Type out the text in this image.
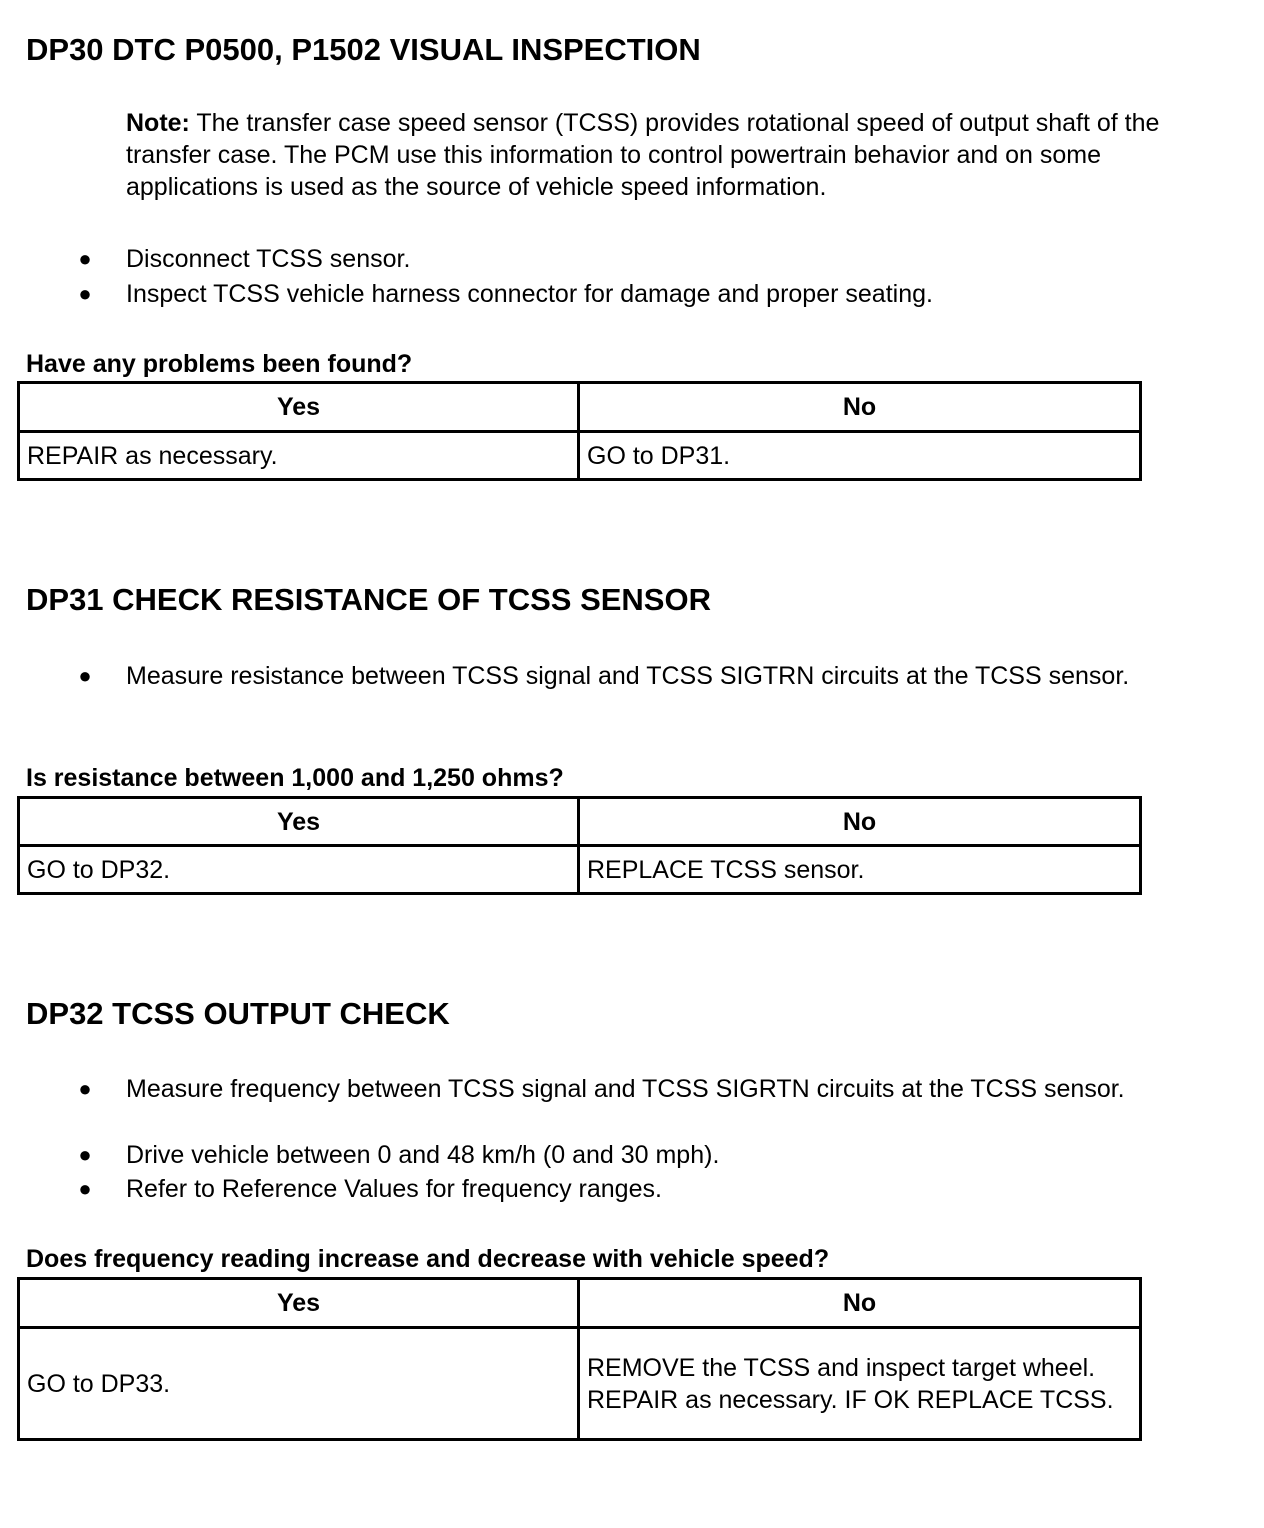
DP30 DTC P0500, P1502 VISUAL INSPECTION
Note: The transfer case speed sensor (TCSS) provides rotational speed of output shaft of the transfer case. The PCM use this information to control powertrain behavior and on some applications is used as the source of vehicle speed information.
● Disconnect TCSS sensor.
● Inspect TCSS vehicle harness connector for damage and proper seating.
Have any problems been found?
Yes	No
REPAIR as necessary.	GO to DP31.
DP31 CHECK RESISTANCE OF TCSS SENSOR
● Measure resistance between TCSS signal and TCSS SIGTRN circuits at the TCSS sensor.
Is resistance between 1,000 and 1,250 ohms?
Yes	No
GO to DP32.	REPLACE TCSS sensor.
DP32 TCSS OUTPUT CHECK
● Measure frequency between TCSS signal and TCSS SIGRTN circuits at the TCSS sensor.
● Drive vehicle between 0 and 48 km/h (0 and 30 mph).
● Refer to Reference Values for frequency ranges.
Does frequency reading increase and decrease with vehicle speed?
Yes	No
GO to DP33.	REMOVE the TCSS and inspect target wheel. REPAIR as necessary. IF OK REPLACE TCSS.
